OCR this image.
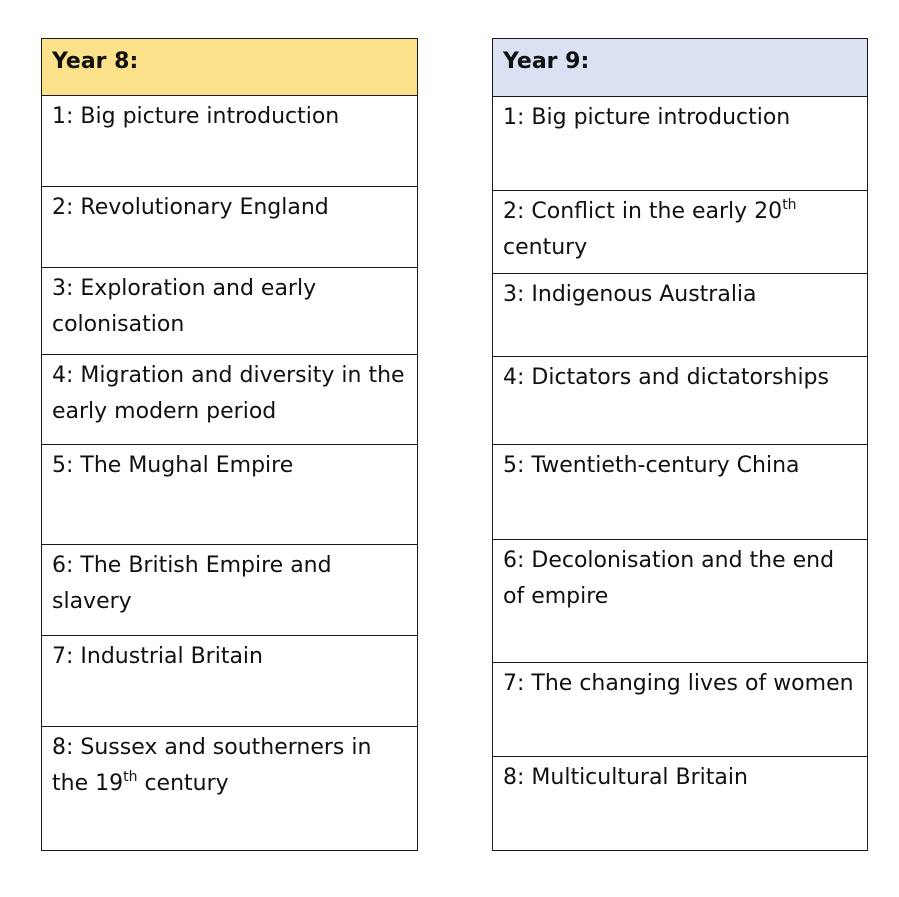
Year 8:
1: Big picture introduction
2: Revolutionary England
3: Exploration and early colonisation
4: Migration and diversity in the early modern period
5: The Mughal Empire
6: The British Empire and slavery
7: Industrial Britain
8: Sussex and southerners in the 19th century
Year 9:
1: Big picture introduction
2: Conflict in the early 20th century
3: Indigenous Australia
4: Dictators and dictatorships
5: Twentieth-century China
6: Decolonisation and the end of empire
7: The changing lives of women
8: Multicultural Britain
